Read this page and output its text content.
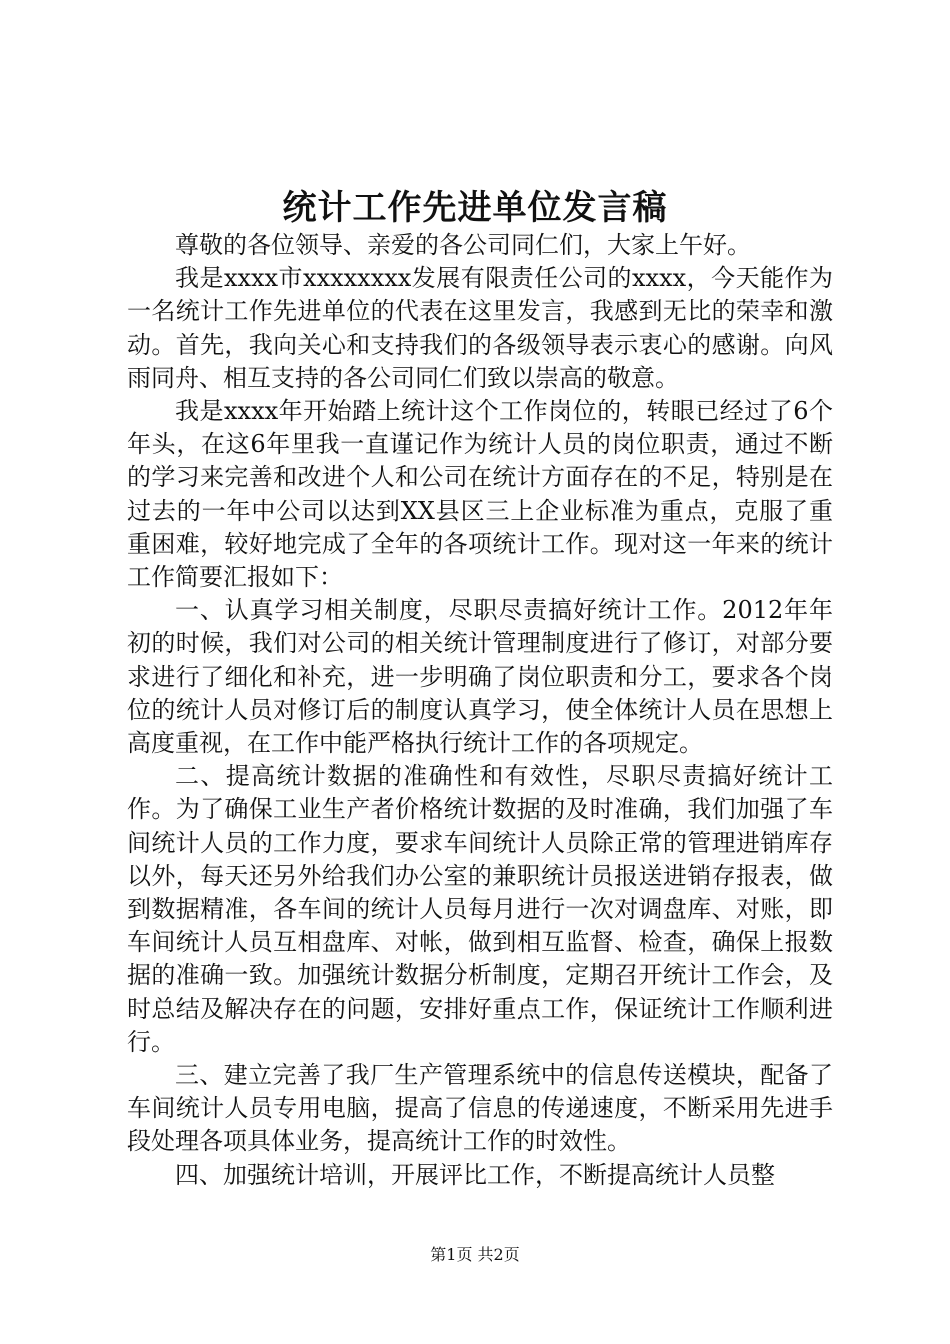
统计工作先进单位发言稿

尊敬的各位领导、亲爱的各公司同仁们，大家上午好。

我是xxxx市xxxxxxxx发展有限责任公司的xxxx，今天能作为一名统计工作先进单位的代表在这里发言，我感到无比的荣幸和激动。首先，我向关心和支持我们的各级领导表示衷心的感谢。向风雨同舟、相互支持的各公司同仁们致以崇高的敬意。

我是xxxx年开始踏上统计这个工作岗位的，转眼已经过了6个年头，在这6年里我一直谨记作为统计人员的岗位职责，通过不断的学习来完善和改进个人和公司在统计方面存在的不足，特别是在过去的一年中公司以达到XX县区三上企业标准为重点，克服了重重困难，较好地完成了全年的各项统计工作。现对这一年来的统计工作简要汇报如下：

一、认真学习相关制度，尽职尽责搞好统计工作。2012年年初的时候，我们对公司的相关统计管理制度进行了修订，对部分要求进行了细化和补充，进一步明确了岗位职责和分工，要求各个岗位的统计人员对修订后的制度认真学习，使全体统计人员在思想上高度重视，在工作中能严格执行统计工作的各项规定。

二、提高统计数据的准确性和有效性，尽职尽责搞好统计工作。为了确保工业生产者价格统计数据的及时准确，我们加强了车间统计人员的工作力度，要求车间统计人员除正常的管理进销库存以外，每天还另外给我们办公室的兼职统计员报送进销存报表，做到数据精准，各车间的统计人员每月进行一次对调盘库、对账，即车间统计人员互相盘库、对帐，做到相互监督、检查，确保上报数据的准确一致。加强统计数据分析制度，定期召开统计工作会，及时总结及解决存在的问题，安排好重点工作，保证统计工作顺利进行。

三、建立完善了我厂生产管理系统中的信息传送模块，配备了车间统计人员专用电脑，提高了信息的传递速度，不断采用先进手段处理各项具体业务，提高统计工作的时效性。

四、加强统计培训，开展评比工作，不断提高统计人员整

第1页 共2页
